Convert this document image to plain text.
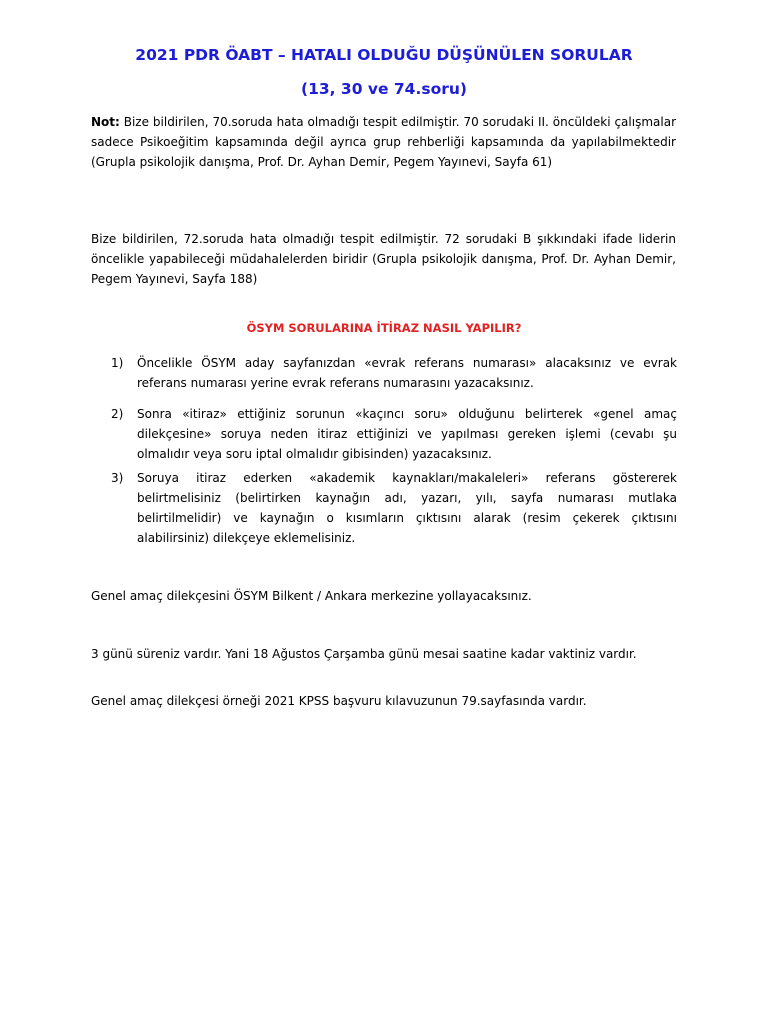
2021 PDR ÖABT – HATALI OLDUĞU DÜŞÜNÜLEN SORULAR
(13, 30 ve 74.soru)

Not: Bize bildirilen, 70.soruda hata olmadığı tespit edilmiştir. 70 sorudaki II. öncüldeki çalışmalar sadece Psikoeğitim kapsamında değil ayrıca grup rehberliği kapsamında da yapılabilmektedir (Grupla psikolojik danışma, Prof. Dr. Ayhan Demir, Pegem Yayınevi, Sayfa 61)

Bize bildirilen, 72.soruda hata olmadığı tespit edilmiştir. 72 sorudaki B şıkkındaki ifade liderin öncelikle yapabileceği müdahalelerden biridir (Grupla psikolojik danışma, Prof. Dr. Ayhan Demir, Pegem Yayınevi, Sayfa 188)

ÖSYM SORULARINA İTİRAZ NASIL YAPILIR?
1)	Öncelikle ÖSYM aday sayfanızdan «evrak referans numarası» alacaksınız ve evrak referans numarası yerine evrak referans numarasını yazacaksınız.
2)	Sonra «itiraz» ettiğiniz sorunun «kaçıncı soru» olduğunu belirterek «genel amaç dilekçesine» soruya neden itiraz ettiğinizi ve yapılması gereken işlemi (cevabı şu olmalıdır veya soru iptal olmalıdır gibisinden) yazacaksınız.
3)	Soruya itiraz ederken «akademik kaynakları/makaleleri» referans göstererek belirtmelisiniz (belirtirken kaynağın adı, yazarı, yılı, sayfa numarası mutlaka belirtilmelidir) ve kaynağın o kısımların çıktısını alarak (resim çekerek çıktısını alabilirsiniz) dilekçeye eklemelisiniz.
Genel amaç dilekçesini ÖSYM Bilkent / Ankara merkezine yollayacaksınız.
3 günü süreniz vardır. Yani 18 Ağustos Çarşamba günü mesai saatine kadar vaktiniz vardır.
Genel amaç dilekçesi örneği 2021 KPSS başvuru kılavuzunun 79.sayfasında vardır.
